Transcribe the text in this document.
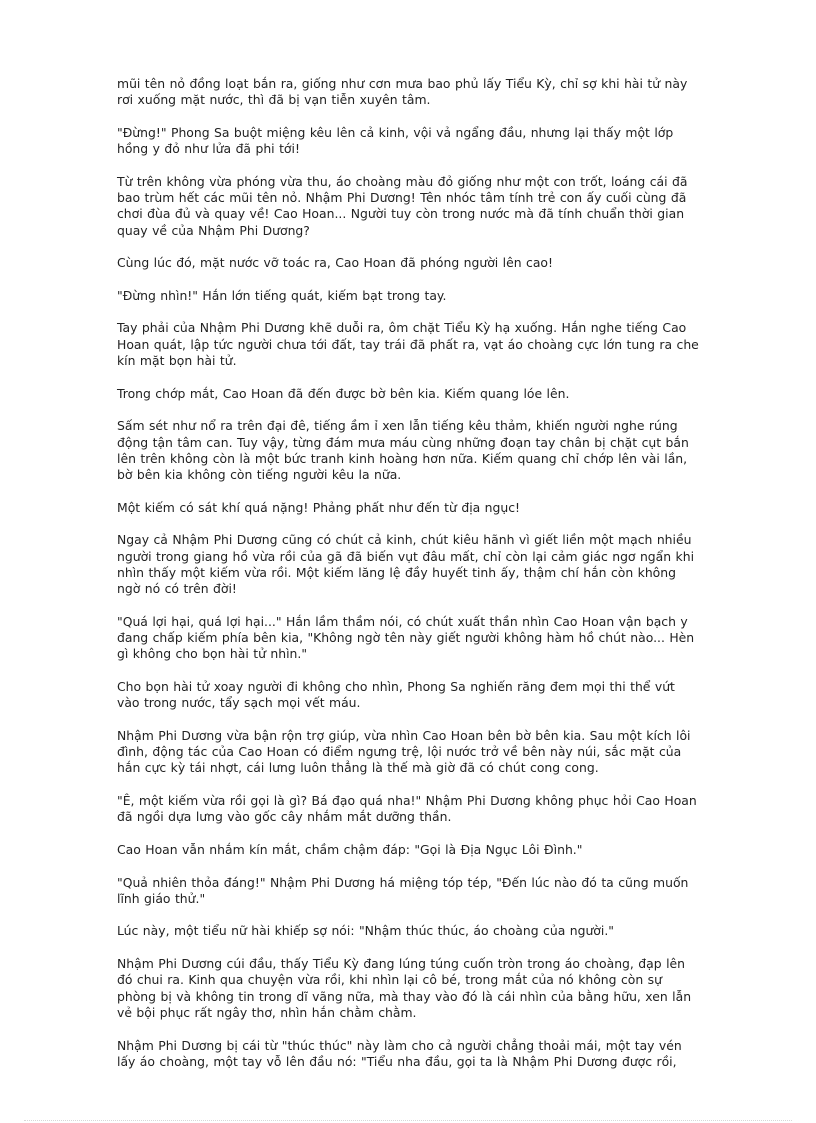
mũi tên nỏ đồng loạt bắn ra, giống như cơn mưa bao phủ lấy Tiểu Kỳ, chỉ sợ khi hài tử này
rơi xuống mặt nước, thì đã bị vạn tiễn xuyên tâm.

"Đừng!" Phong Sa buột miệng kêu lên cả kinh, vội vả ngẩng đầu, nhưng lại thấy một lớp
hồng y đỏ như lửa đã phi tới!

Từ trên không vừa phóng vừa thu, áo choàng màu đỏ giống như một con trốt, loáng cái đã
bao trùm hết các mũi tên nỏ. Nhậm Phi Dương! Tên nhóc tâm tính trẻ con ấy cuối cùng đã
chơi đùa đủ và quay về! Cao Hoan... Người tuy còn trong nước mà đã tính chuẩn thời gian
quay về của Nhậm Phi Dương?

Cùng lúc đó, mặt nước vỡ toác ra, Cao Hoan đã phóng người lên cao!

"Đừng nhìn!" Hắn lớn tiếng quát, kiếm bạt trong tay.

Tay phải của Nhậm Phi Dương khẽ duỗi ra, ôm chặt Tiểu Kỳ hạ xuống. Hắn nghe tiếng Cao
Hoan quát, lập tức người chưa tới đất, tay trái đã phất ra, vạt áo choàng cực lớn tung ra che
kín mặt bọn hài tử.

Trong chớp mắt, Cao Hoan đã đến được bờ bên kia. Kiếm quang lóe lên.

Sấm sét như nổ ra trên đại đê, tiếng ầm ỉ xen lẫn tiếng kêu thảm, khiến người nghe rúng
động tận tâm can. Tuy vậy, từng đám mưa máu cùng những đoạn tay chân bị chặt cụt bắn
lên trên không còn là một bức tranh kinh hoàng hơn nữa. Kiếm quang chỉ chớp lên vài lần,
bờ bên kia không còn tiếng người kêu la nữa.

Một kiếm có sát khí quá nặng! Phảng phất như đến từ địa ngục!

Ngay cả Nhậm Phi Dương cũng có chút cả kinh, chút kiêu hãnh vì giết liền một mạch nhiều
người trong giang hồ vừa rồi của gã đã biến vụt đâu mất, chỉ còn lại cảm giác ngơ ngẩn khi
nhìn thấy một kiếm vừa rồi. Một kiếm lăng lệ đầy huyết tinh ấy, thậm chí hắn còn không
ngờ nó có trên đời!

"Quá lợi hại, quá lợi hại..." Hắn lầm thầm nói, có chút xuất thần nhìn Cao Hoan vận bạch y
đang chấp kiếm phía bên kia, "Không ngờ tên này giết người không hàm hồ chút nào... Hèn
gì không cho bọn hài tử nhìn."

Cho bọn hài tử xoay người đi không cho nhìn, Phong Sa nghiến răng đem mọi thi thể vứt
vào trong nước, tẩy sạch mọi vết máu.

Nhậm Phi Dương vừa bận rộn trợ giúp, vừa nhìn Cao Hoan bên bờ bên kia. Sau một kích lôi
đình, động tác của Cao Hoan có điểm ngưng trệ, lội nước trở về bên này núi, sắc mặt của
hắn cực kỳ tái nhợt, cái lưng luôn thẳng là thế mà giờ đã có chút cong cong.

"Ê, một kiếm vừa rồi gọi là gì? Bá đạo quá nha!" Nhậm Phi Dương không phục hỏi Cao Hoan
đã ngồi dựa lưng vào gốc cây nhắm mắt dưỡng thần.

Cao Hoan vẫn nhắm kín mắt, chầm chậm đáp: "Gọi là Địa Ngục Lôi Đình."

"Quả nhiên thỏa đáng!" Nhậm Phi Dương há miệng tóp tép, "Đến lúc nào đó ta cũng muốn
lĩnh giáo thử."

Lúc này, một tiểu nữ hài khiếp sợ nói: "Nhậm thúc thúc, áo choàng của người."

Nhậm Phi Dương cúi đầu, thấy Tiểu Kỳ đang lúng túng cuốn tròn trong áo choàng, đạp lên
đó chui ra. Kinh qua chuyện vừa rồi, khi nhìn lại cô bé, trong mắt của nó không còn sự
phòng bị và không tin trong dĩ vãng nữa, mà thay vào đó là cái nhìn của bằng hữu, xen lẫn
vẻ bội phục rất ngây thơ, nhìn hắn chằm chằm.

Nhậm Phi Dương bị cái từ "thúc thúc" này làm cho cả người chẳng thoải mái, một tay vén
lấy áo choàng, một tay vỗ lên đầu nó: "Tiểu nha đầu, gọi ta là Nhậm Phi Dương được rồi,
